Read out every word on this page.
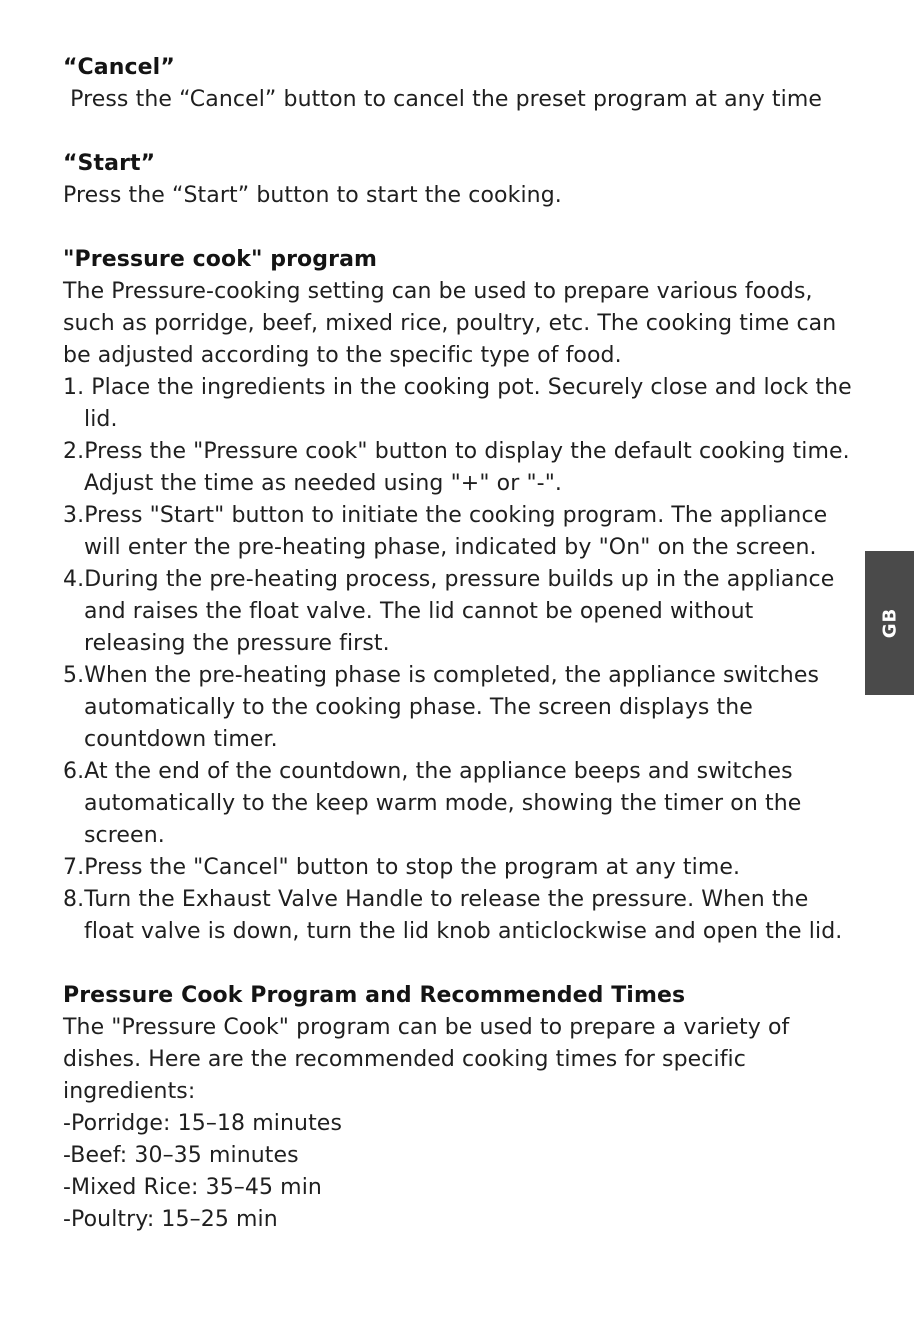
“Cancel”

Press the “Cancel” button to cancel the preset program at any time

“Start”

Press the “Start” button to start the cooking.

"Pressure cook" program

The Pressure-cooking setting can be used to prepare various foods, such as porridge, beef, mixed rice, poultry, etc. The cooking time can be adjusted according to the specific type of food.

1. Place the ingredients in the cooking pot. Securely close and lock the lid.
2.Press the "Pressure cook" button to display the default cooking time. Adjust the time as needed using "+" or "-".
3.Press "Start" button to initiate the cooking program. The appliance will enter the pre-heating phase, indicated by "On" on the screen.
4.During the pre-heating process, pressure builds up in the appliance and raises the float valve. The lid cannot be opened without releasing the pressure first.
5.When the pre-heating phase is completed, the appliance switches automatically to the cooking phase. The screen displays the countdown timer.
6.At the end of the countdown, the appliance beeps and switches automatically to the keep warm mode, showing the timer on the screen.
7.Press the "Cancel" button to stop the program at any time.
8.Turn the Exhaust Valve Handle to release the pressure. When the float valve is down, turn the lid knob anticlockwise and open the lid.
Pressure Cook Program and Recommended Times

The "Pressure Cook" program can be used to prepare a variety of dishes. Here are the recommended cooking times for specific ingredients:

-Porridge: 15–18 minutes
-Beef: 30–35 minutes
-Mixed Rice: 35–45 min
-Poultry: 15–25 min
GB
